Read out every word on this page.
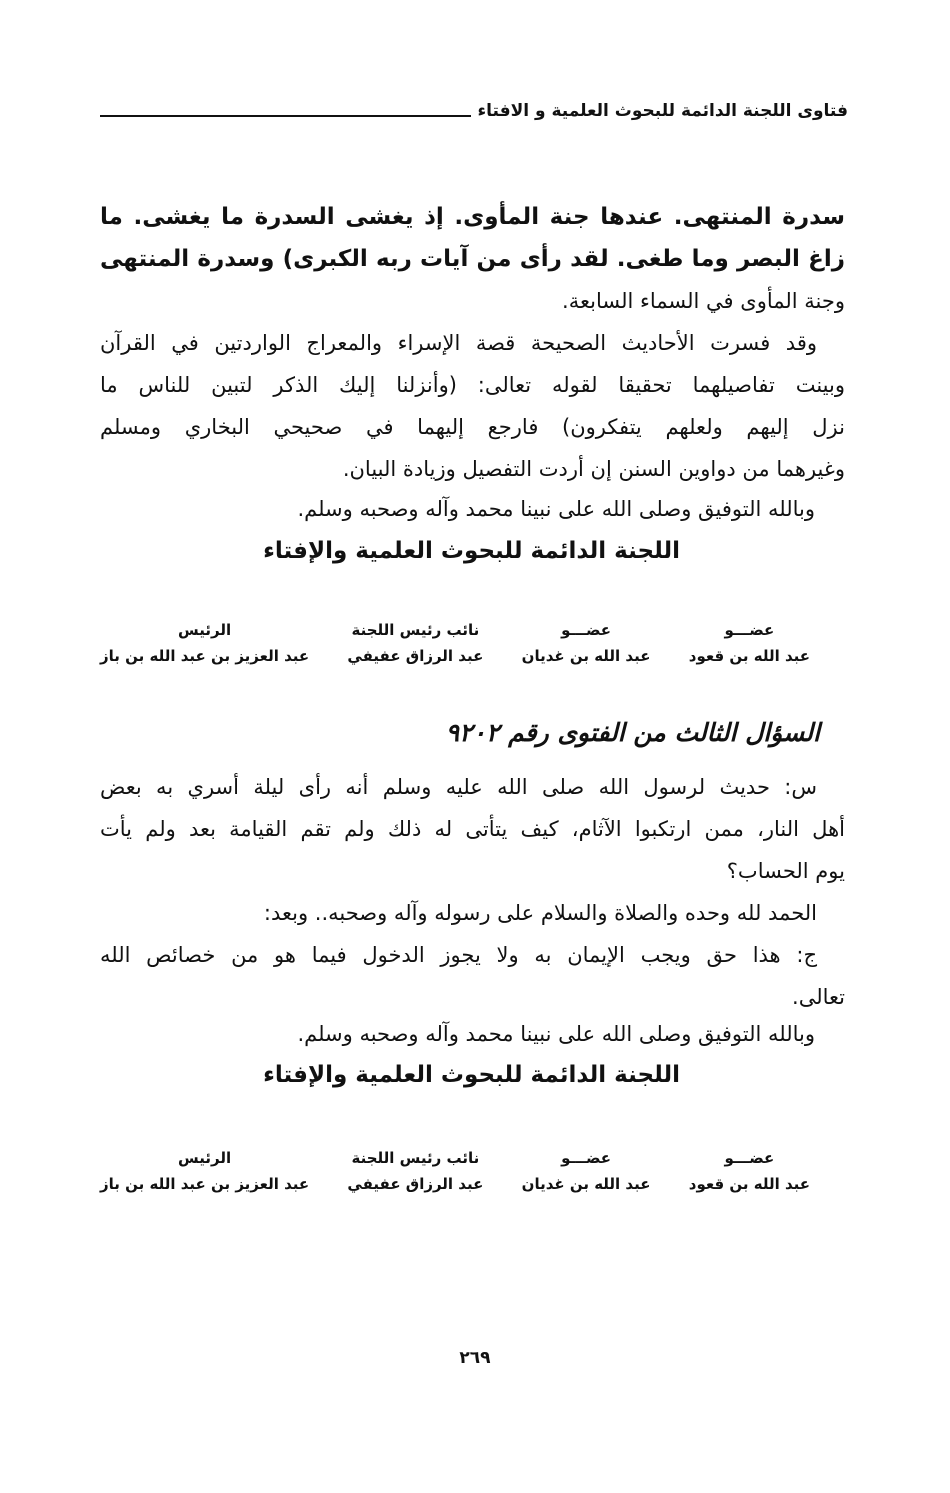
فتاوى اللجنة الدائمة للبحوث العلمية و الافتاء
سدرة المنتهى. عندها جنة المأوى. إذ يغشى السدرة ما يغشى. ما
زاغ البصر وما طغى. لقد رأى من آيات ربه الكبرى) وسدرة المنتهى
وجنة المأوى في السماء السابعة.
وقد فسرت الأحاديث الصحيحة قصة الإسراء والمعراج الواردتين في القرآن
وبينت تفاصيلهما تحقيقا لقوله تعالى: (وأنزلنا إليك الذكر لتبين للناس ما
نزل إليهم ولعلهم يتفكرون) فارجع إليهما في صحيحي البخاري ومسلم
وغيرهما من دواوين السنن إن أردت التفصيل وزيادة البيان.
وبالله التوفيق وصلى الله على نبينا محمد وآله وصحبه وسلم.
اللجنة الدائمة للبحوث العلمية والإفتاء
عضـــو
عبد الله بن قعود
عضـــو
عبد الله بن غديان
نائب رئيس اللجنة
عبد الرزاق عفيفي
الرئيس
عبد العزيز بن عبد الله بن باز
السؤال الثالث من الفتوى رقم ٩٢٠٢
س: حديث لرسول الله صلى الله عليه وسلم أنه رأى ليلة أسري به بعض
أهل النار، ممن ارتكبوا الآثام، كيف يتأتى له ذلك ولم تقم القيامة بعد ولم يأت
يوم الحساب؟
الحمد لله وحده والصلاة والسلام على رسوله وآله وصحبه.. وبعد:
ج: هذا حق ويجب الإيمان به ولا يجوز الدخول فيما هو من خصائص الله
تعالى.
وبالله التوفيق وصلى الله على نبينا محمد وآله وصحبه وسلم.
اللجنة الدائمة للبحوث العلمية والإفتاء
عضـــو
عبد الله بن قعود
عضـــو
عبد الله بن غديان
نائب رئيس اللجنة
عبد الرزاق عفيفي
الرئيس
عبد العزيز بن عبد الله بن باز
٢٦٩
